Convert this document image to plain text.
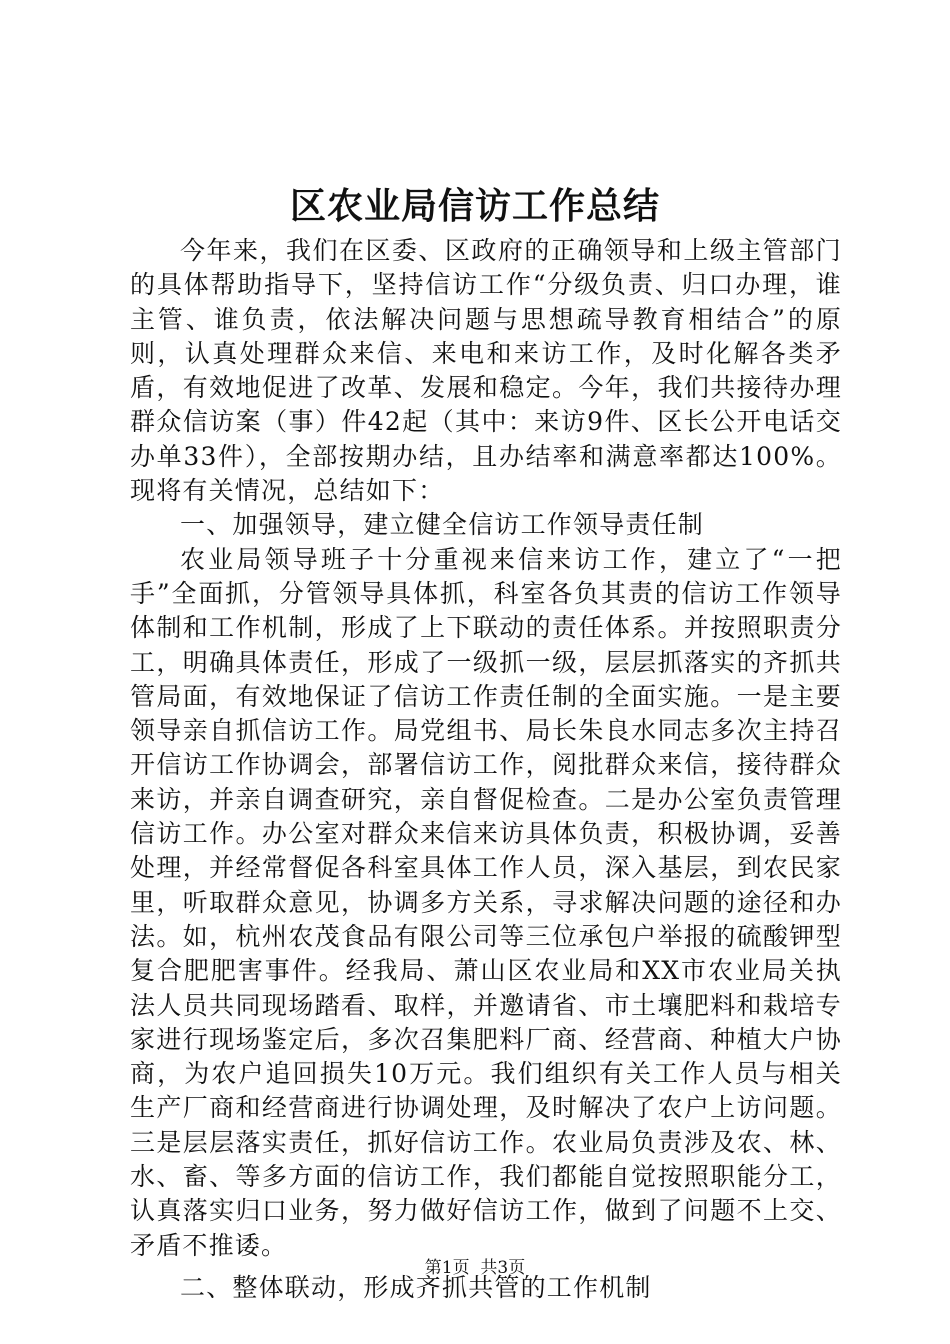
区农业局信访工作总结

今年来，我们在区委、区政府的正确领导和上级主管部门的具体帮助指导下，坚持信访工作“分级负责、归口办理，谁主管、谁负责，依法解决问题与思想疏导教育相结合”的原则，认真处理群众来信、来电和来访工作，及时化解各类矛盾，有效地促进了改革、发展和稳定。今年，我们共接待办理群众信访案（事）件42起（其中：来访9件、区长公开电话交办单33件），全部按期办结，且办结率和满意率都达100%。现将有关情况，总结如下：

一、加强领导，建立健全信访工作领导责任制

农业局领导班子十分重视来信来访工作，建立了“一把手”全面抓，分管领导具体抓，科室各负其责的信访工作领导体制和工作机制，形成了上下联动的责任体系。并按照职责分工，明确具体责任，形成了一级抓一级，层层抓落实的齐抓共管局面，有效地保证了信访工作责任制的全面实施。一是主要领导亲自抓信访工作。局党组书、局长朱良水同志多次主持召开信访工作协调会，部署信访工作，阅批群众来信，接待群众来访，并亲自调查研究，亲自督促检查。二是办公室负责管理信访工作。办公室对群众来信来访具体负责，积极协调，妥善处理，并经常督促各科室具体工作人员，深入基层，到农民家里，听取群众意见，协调多方关系，寻求解决问题的途径和办法。如，杭州农茂食品有限公司等三位承包户举报的硫酸钾型复合肥肥害事件。经我局、萧山区农业局和XX市农业局关执法人员共同现场踏看、取样，并邀请省、市土壤肥料和栽培专家进行现场鉴定后，多次召集肥料厂商、经营商、种植大户协商，为农户追回损失10万元。我们组织有关工作人员与相关生产厂商和经营商进行协调处理，及时解决了农户上访问题。三是层层落实责任，抓好信访工作。农业局负责涉及农、林、水、畜、等多方面的信访工作，我们都能自觉按照职能分工，认真落实归口业务，努力做好信访工作，做到了问题不上交、矛盾不推诿。

二、整体联动，形成齐抓共管的工作机制

第1页  共3页
